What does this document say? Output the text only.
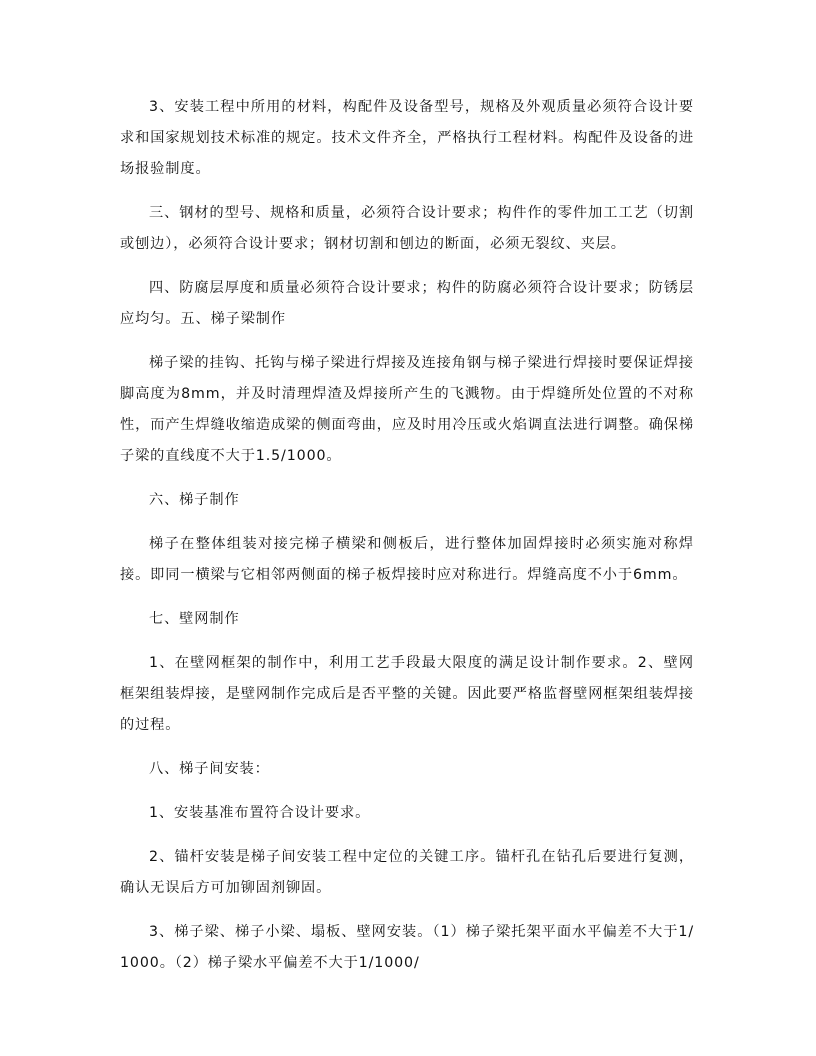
3、安装工程中所用的材料，构配件及设备型号，规格及外观质量必须符合设计要求和国家规划技术标准的规定。技术文件齐全，严格执行工程材料。构配件及设备的进场报验制度。

三、钢材的型号、规格和质量，必须符合设计要求；构件作的零件加工工艺（切割或刨边），必须符合设计要求；钢材切割和刨边的断面，必须无裂纹、夹层。

四、防腐层厚度和质量必须符合设计要求；构件的防腐必须符合设计要求；防锈层应均匀。五、梯子梁制作

梯子梁的挂钩、托钩与梯子梁进行焊接及连接角钢与梯子梁进行焊接时要保证焊接脚高度为8mm，并及时清理焊渣及焊接所产生的飞溅物。由于焊缝所处位置的不对称性，而产生焊缝收缩造成梁的侧面弯曲，应及时用冷压或火焰调直法进行调整。确保梯子梁的直线度不大于1.5/1000。

六、梯子制作

梯子在整体组装对接完梯子横梁和侧板后，进行整体加固焊接时必须实施对称焊接。即同一横梁与它相邻两侧面的梯子板焊接时应对称进行。焊缝高度不小于6mm。

七、壁网制作

1、在壁网框架的制作中，利用工艺手段最大限度的满足设计制作要求。2、壁网框架组装焊接，是壁网制作完成后是否平整的关键。因此要严格监督壁网框架组装焊接的过程。

八、梯子间安装：

1、安装基准布置符合设计要求。

2、锚杆安装是梯子间安装工程中定位的关键工序。锚杆孔在钻孔后要进行复测，确认无误后方可加铆固剂铆固。

3、梯子梁、梯子小梁、塌板、壁网安装。（1）梯子梁托架平面水平偏差不大于1/1000。（2）梯子梁水平偏差不大于1/1000/
